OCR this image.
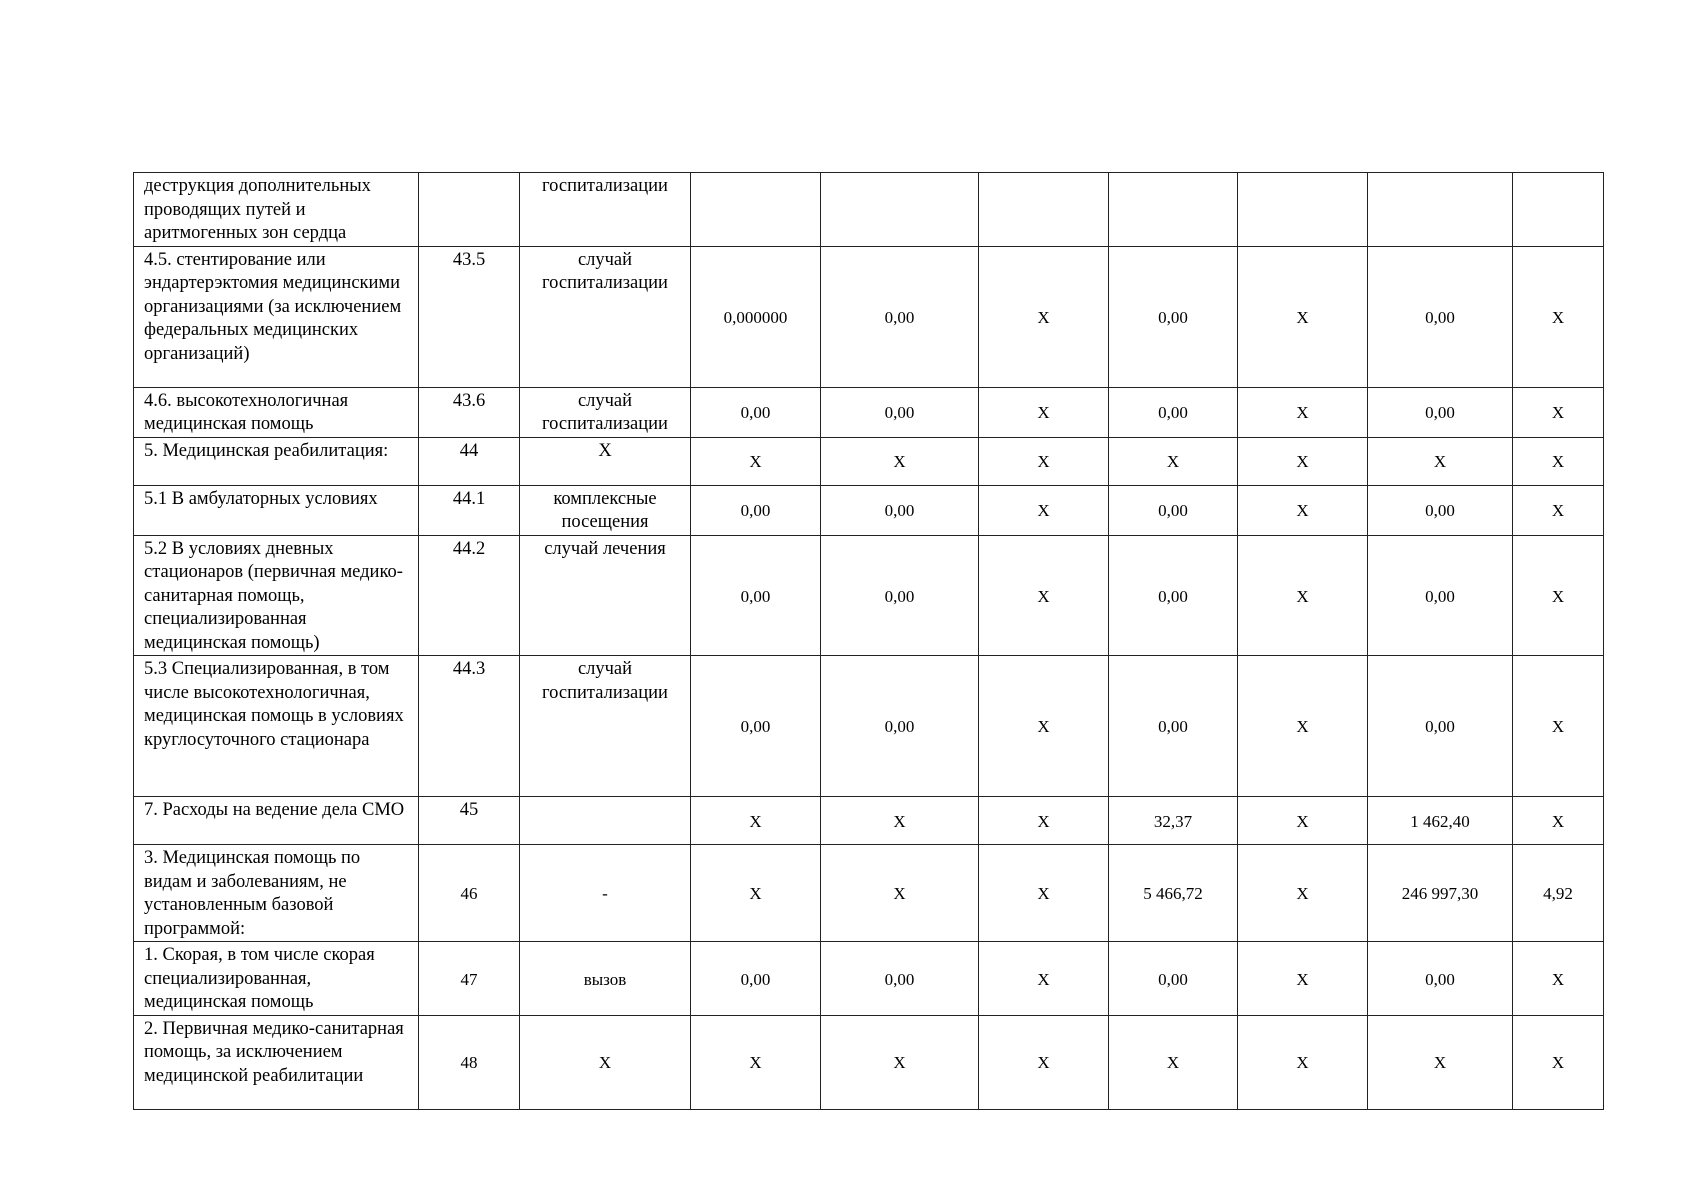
деструкция дополнительных проводящих путей и аритмогенных зон сердца		госпитализации							
4.5. стентирование или эндартерэктомия медицинскими организациями (за исключением федеральных медицинских организаций)	43.5	случай госпитализации	0,000000	0,00	Х	0,00	Х	0,00	Х
4.6. высокотехнологичная медицинская помощь	43.6	случай госпитализации	0,00	0,00	Х	0,00	Х	0,00	Х
5. Медицинская реабилитация:	44	Х	Х	Х	Х	Х	Х	Х	Х
5.1 В амбулаторных условиях	44.1	комплексные посещения	0,00	0,00	Х	0,00	Х	0,00	Х
5.2 В условиях дневных стационаров (первичная медико-санитарная помощь, специализированная медицинская помощь)	44.2	случай лечения	0,00	0,00	Х	0,00	Х	0,00	Х
5.3 Специализированная, в том числе высокотехнологичная, медицинская помощь в условиях круглосуточного стационара	44.3	случай госпитализации	0,00	0,00	Х	0,00	Х	0,00	Х
7. Расходы на ведение дела СМО	45		Х	Х	Х	32,37	Х	1 462,40	Х
3. Медицинская помощь по видам и заболеваниям, не установленным базовой программой:	46	-	Х	Х	Х	5 466,72	Х	246 997,30	4,92
1. Скорая, в том числе скорая специализированная, медицинская помощь	47	вызов	0,00	0,00	Х	0,00	Х	0,00	Х
2. Первичная медико-санитарная помощь, за исключением медицинской реабилитации	48	Х	Х	Х	Х	Х	Х	Х	Х
